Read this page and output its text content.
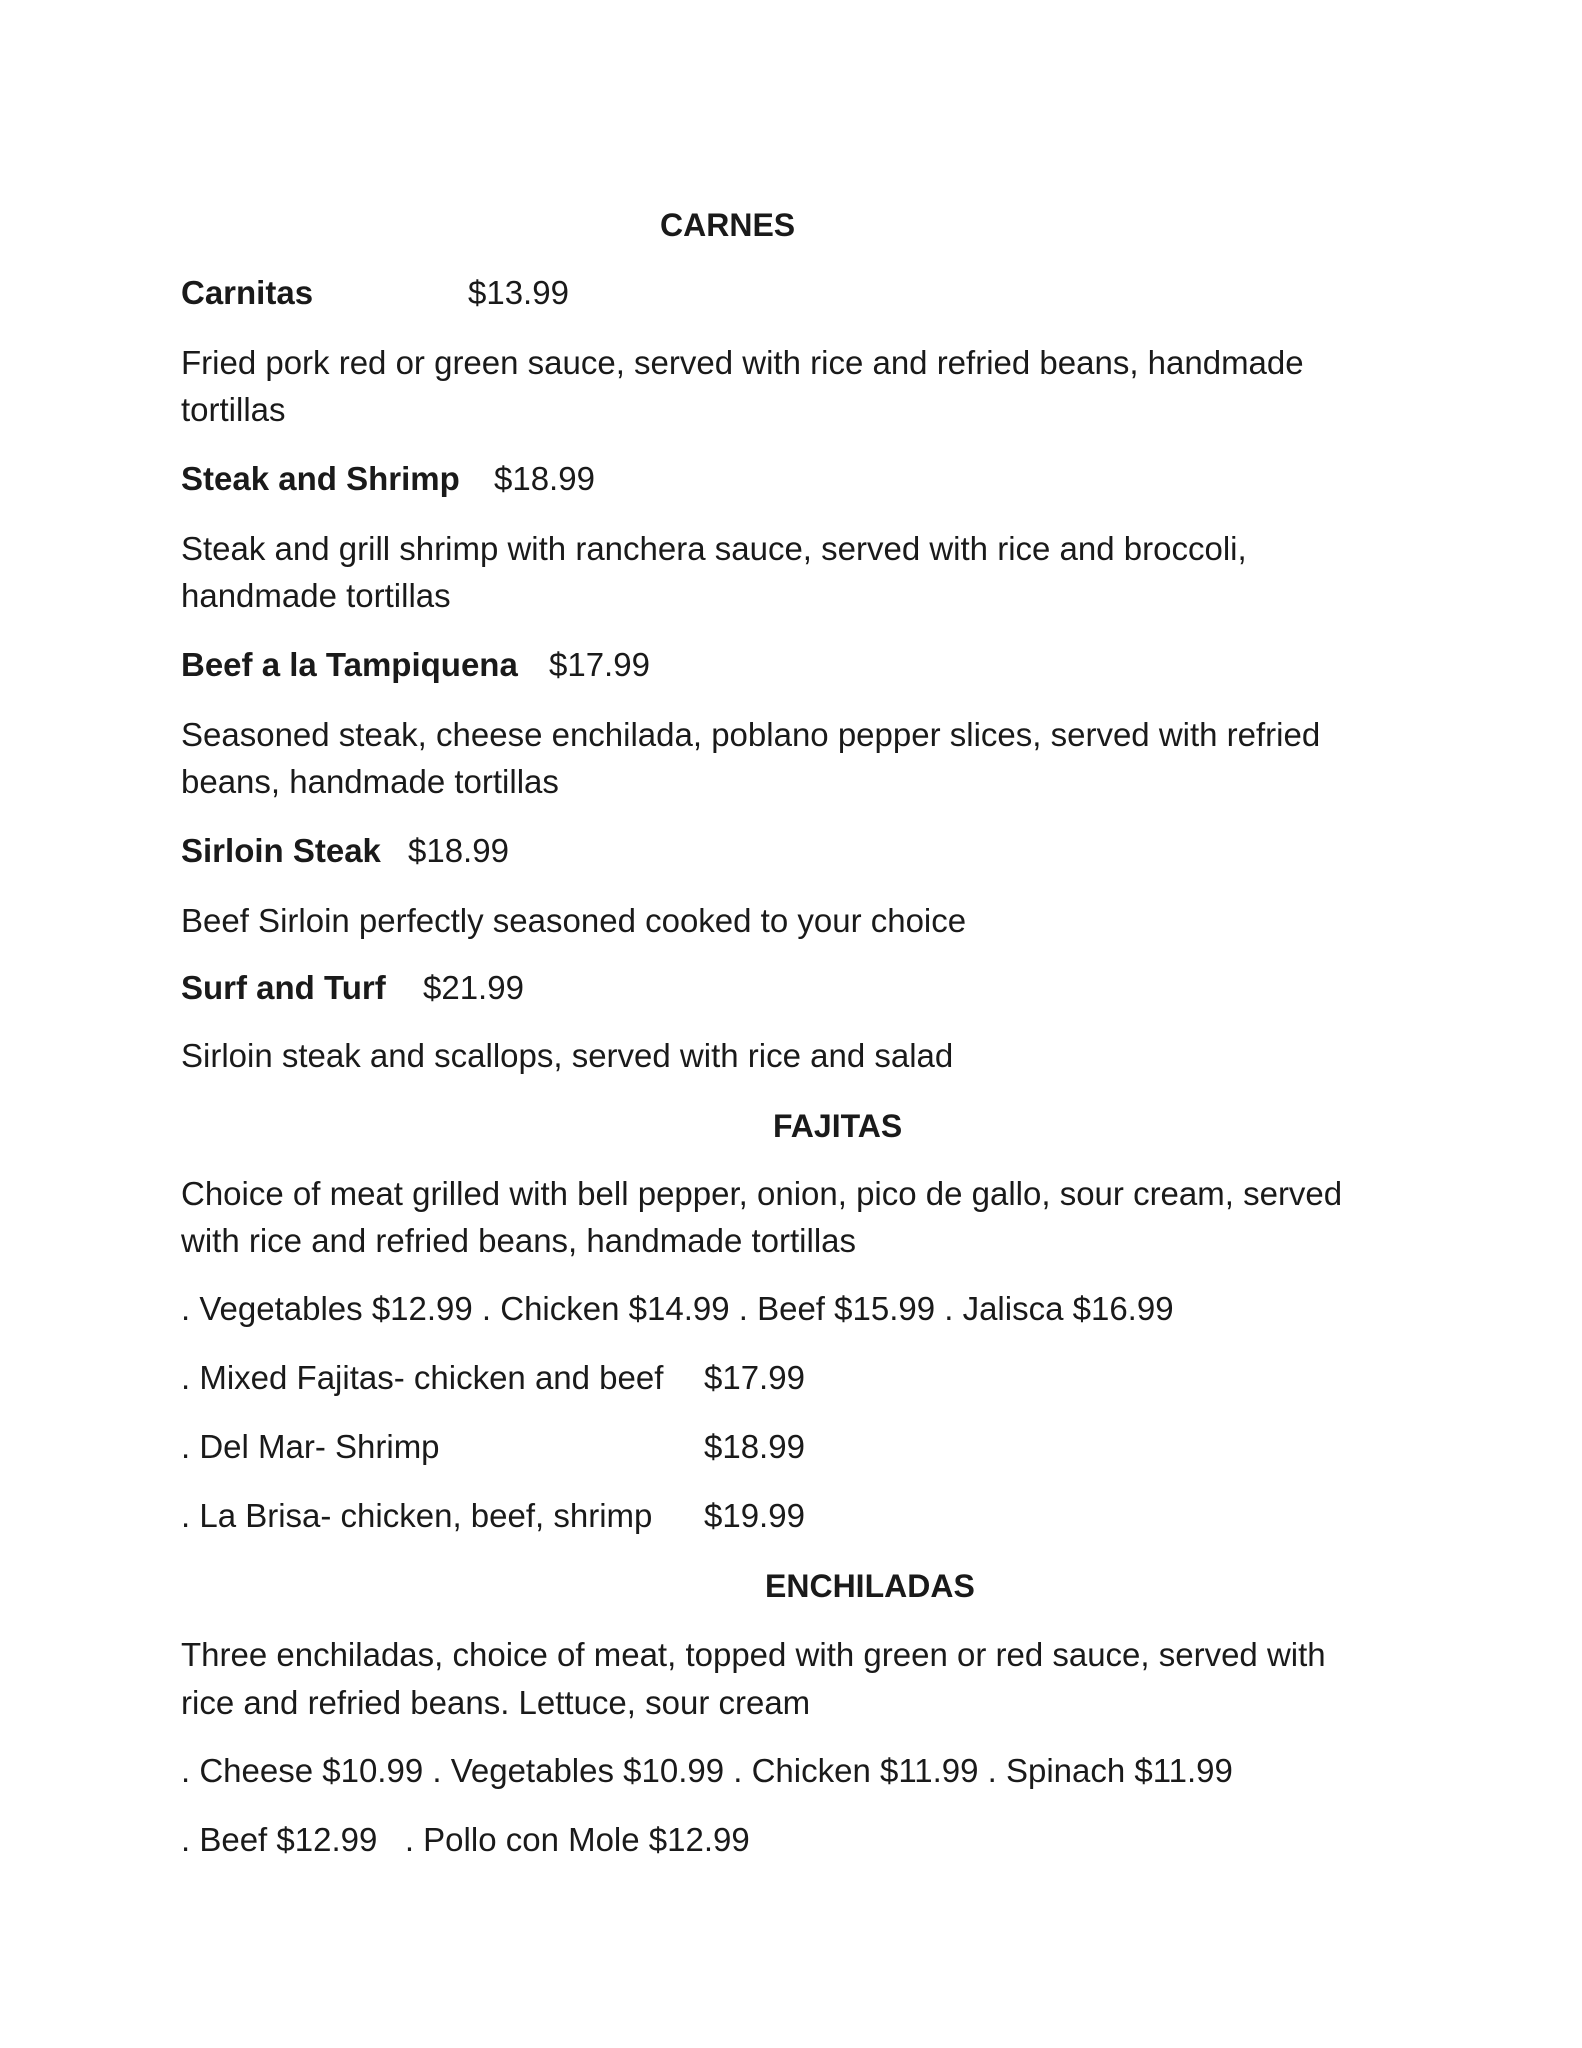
CARNES
Carnitas	$13.99
Fried pork red or green sauce, served with rice and refried beans, handmade
tortillas
Steak and Shrimp $18.99
Steak and grill shrimp with ranchera sauce, served with rice and broccoli,
handmade tortillas
Beef a la Tampiquena $17.99
Seasoned steak, cheese enchilada, poblano pepper slices, served with refried
beans, handmade tortillas
Sirloin Steak $18.99
Beef Sirloin perfectly seasoned cooked to your choice
Surf and Turf $21.99
Sirloin steak and scallops, served with rice and salad
FAJITAS
Choice of meat grilled with bell pepper, onion, pico de gallo, sour cream, served
with rice and refried beans, handmade tortillas
. Vegetables $12.99 . Chicken $14.99 . Beef $15.99 . Jalisca $16.99
. Mixed Fajitas- chicken and beef $17.99
. Del Mar- Shrimp	$18.99
. La Brisa- chicken, beef, shrimp $19.99
ENCHILADAS
Three enchiladas, choice of meat, topped with green or red sauce, served with
rice and refried beans. Lettuce, sour cream
. Cheese $10.99 . Vegetables $10.99 . Chicken $11.99 . Spinach $11.99
. Beef $12.99   . Pollo con Mole $12.99
